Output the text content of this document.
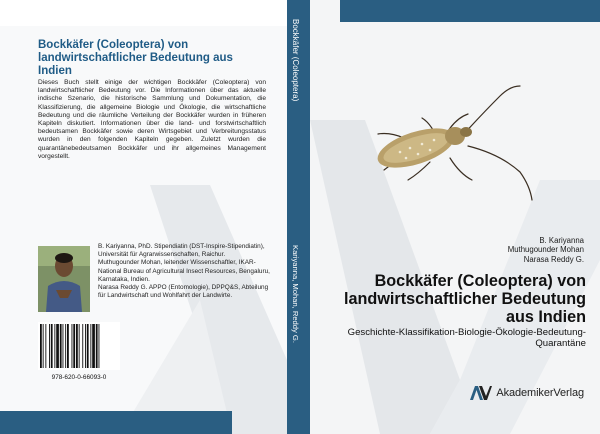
Bockkäfer (Coleoptera) von landwirtschaftlicher Bedeutung aus Indien
Dieses Buch stellt einige der wichtigen Bockkäfer (Coleoptera) von landwirtschaftlicher Bedeutung vor. Die Informationen über das aktuelle indische Szenario, die historische Sammlung und Dokumentation, die Klassifizierung, die allgemeine Biologie und Ökologie, die wirtschaftliche Bedeutung und die räumliche Verteilung der Bockkäfer wurden in früheren Kapiteln diskutiert. Informationen über die land- und forstwirtschaftlich bedeutsamen Bockkäfer sowie deren Wirtsgebiet und Verbreitungsstatus wurden in den folgenden Kapiteln gegeben. Zuletzt wurden die quarantänebedeutsamen Bockkäfer und ihr allgemeines Management vorgestellt.
B. Kariyanna, PhD. Stipendiatin (DST-Inspire-Stipendiatin), Universität für Agrarwissenschaften, Raichur.
Muthugounder Mohan, leitender Wissenschaftler, IKAR-National Bureau of Agricultural Insect Resources, Bengaluru, Karnataka, Indien.
Narasa Reddy G. APPO (Entomologie), DPPQ&S, Abteilung für Landwirtschaft und Wohlfahrt der Landwirte.
978-620-0-66093-0
Bockkäfer (Coleoptera)
Kariyanna, Mohan, Reddy G.
B. Kariyanna
Muthugounder Mohan
Narasa Reddy G.
Bockkäfer (Coleoptera) von landwirtschaftlicher Bedeutung aus Indien
Geschichte-Klassifikation-Biologie-Ökologie-Bedeutung-Quarantäne
AkademikerVerlag
